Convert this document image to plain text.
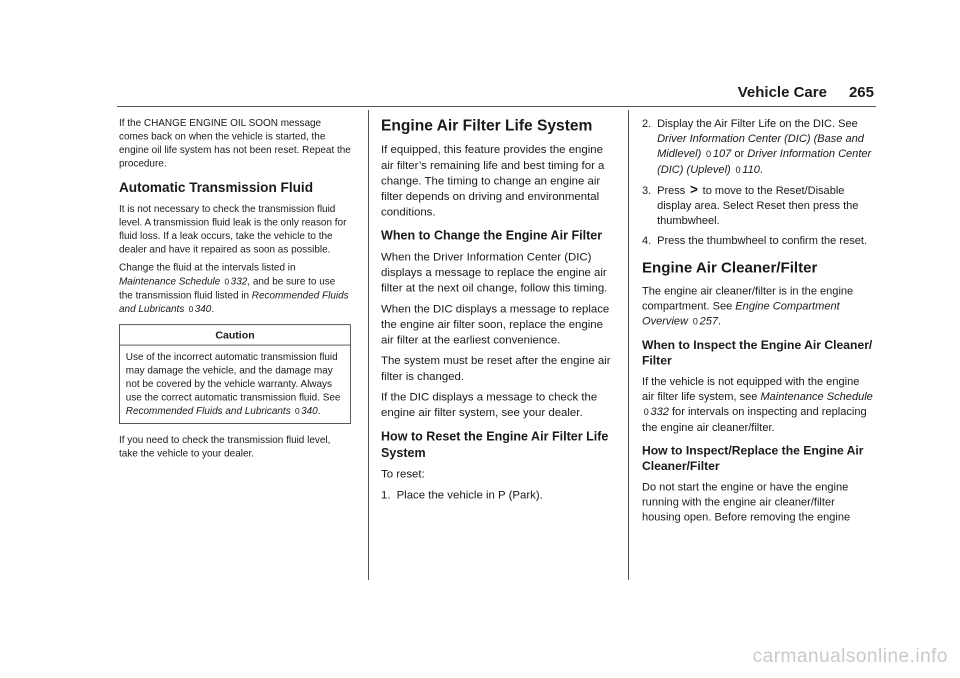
Vehicle Care 265

If the CHANGE ENGINE OIL SOON message comes back on when the vehicle is started, the engine oil life system has not been reset. Repeat the procedure.

Automatic Transmission Fluid

It is not necessary to check the transmission fluid level. A transmission fluid leak is the only reason for fluid loss. If a leak occurs, take the vehicle to the dealer and have it repaired as soon as possible.

Change the fluid at the intervals listed in Maintenance Schedule 0 332, and be sure to use the transmission fluid listed in Recommended Fluids and Lubricants 0 340.

Caution
Use of the incorrect automatic transmission fluid may damage the vehicle, and the damage may not be covered by the vehicle warranty. Always use the correct automatic transmission fluid. See Recommended Fluids and Lubricants 0 340.

If you need to check the transmission fluid level, take the vehicle to your dealer.

Engine Air Filter Life System

If equipped, this feature provides the engine air filter’s remaining life and best timing for a change. The timing to change an engine air filter depends on driving and environmental conditions.

When to Change the Engine Air Filter

When the Driver Information Center (DIC) displays a message to replace the engine air filter at the next oil change, follow this timing.

When the DIC displays a message to replace the engine air filter soon, replace the engine air filter at the earliest convenience.

The system must be reset after the engine air filter is changed.

If the DIC displays a message to check the engine air filter system, see your dealer.

How to Reset the Engine Air Filter Life System

To reset:

1. Place the vehicle in P (Park).
2. Display the Air Filter Life on the DIC. See Driver Information Center (DIC) (Base and Midlevel) 0 107 or Driver Information Center (DIC) (Uplevel) 0 110.
3. Press > to move to the Reset/Disable display area. Select Reset then press the thumbwheel.
4. Press the thumbwheel to confirm the reset.
Engine Air Cleaner/Filter

The engine air cleaner/filter is in the engine compartment. See Engine Compartment Overview 0 257.

When to Inspect the Engine Air Cleaner/ Filter

If the vehicle is not equipped with the engine air filter life system, see Maintenance Schedule 0 332 for intervals on inspecting and replacing the engine air cleaner/filter.

How to Inspect/Replace the Engine Air Cleaner/Filter

Do not start the engine or have the engine running with the engine air cleaner/filter housing open. Before removing the engine

carmanualsonline.info
